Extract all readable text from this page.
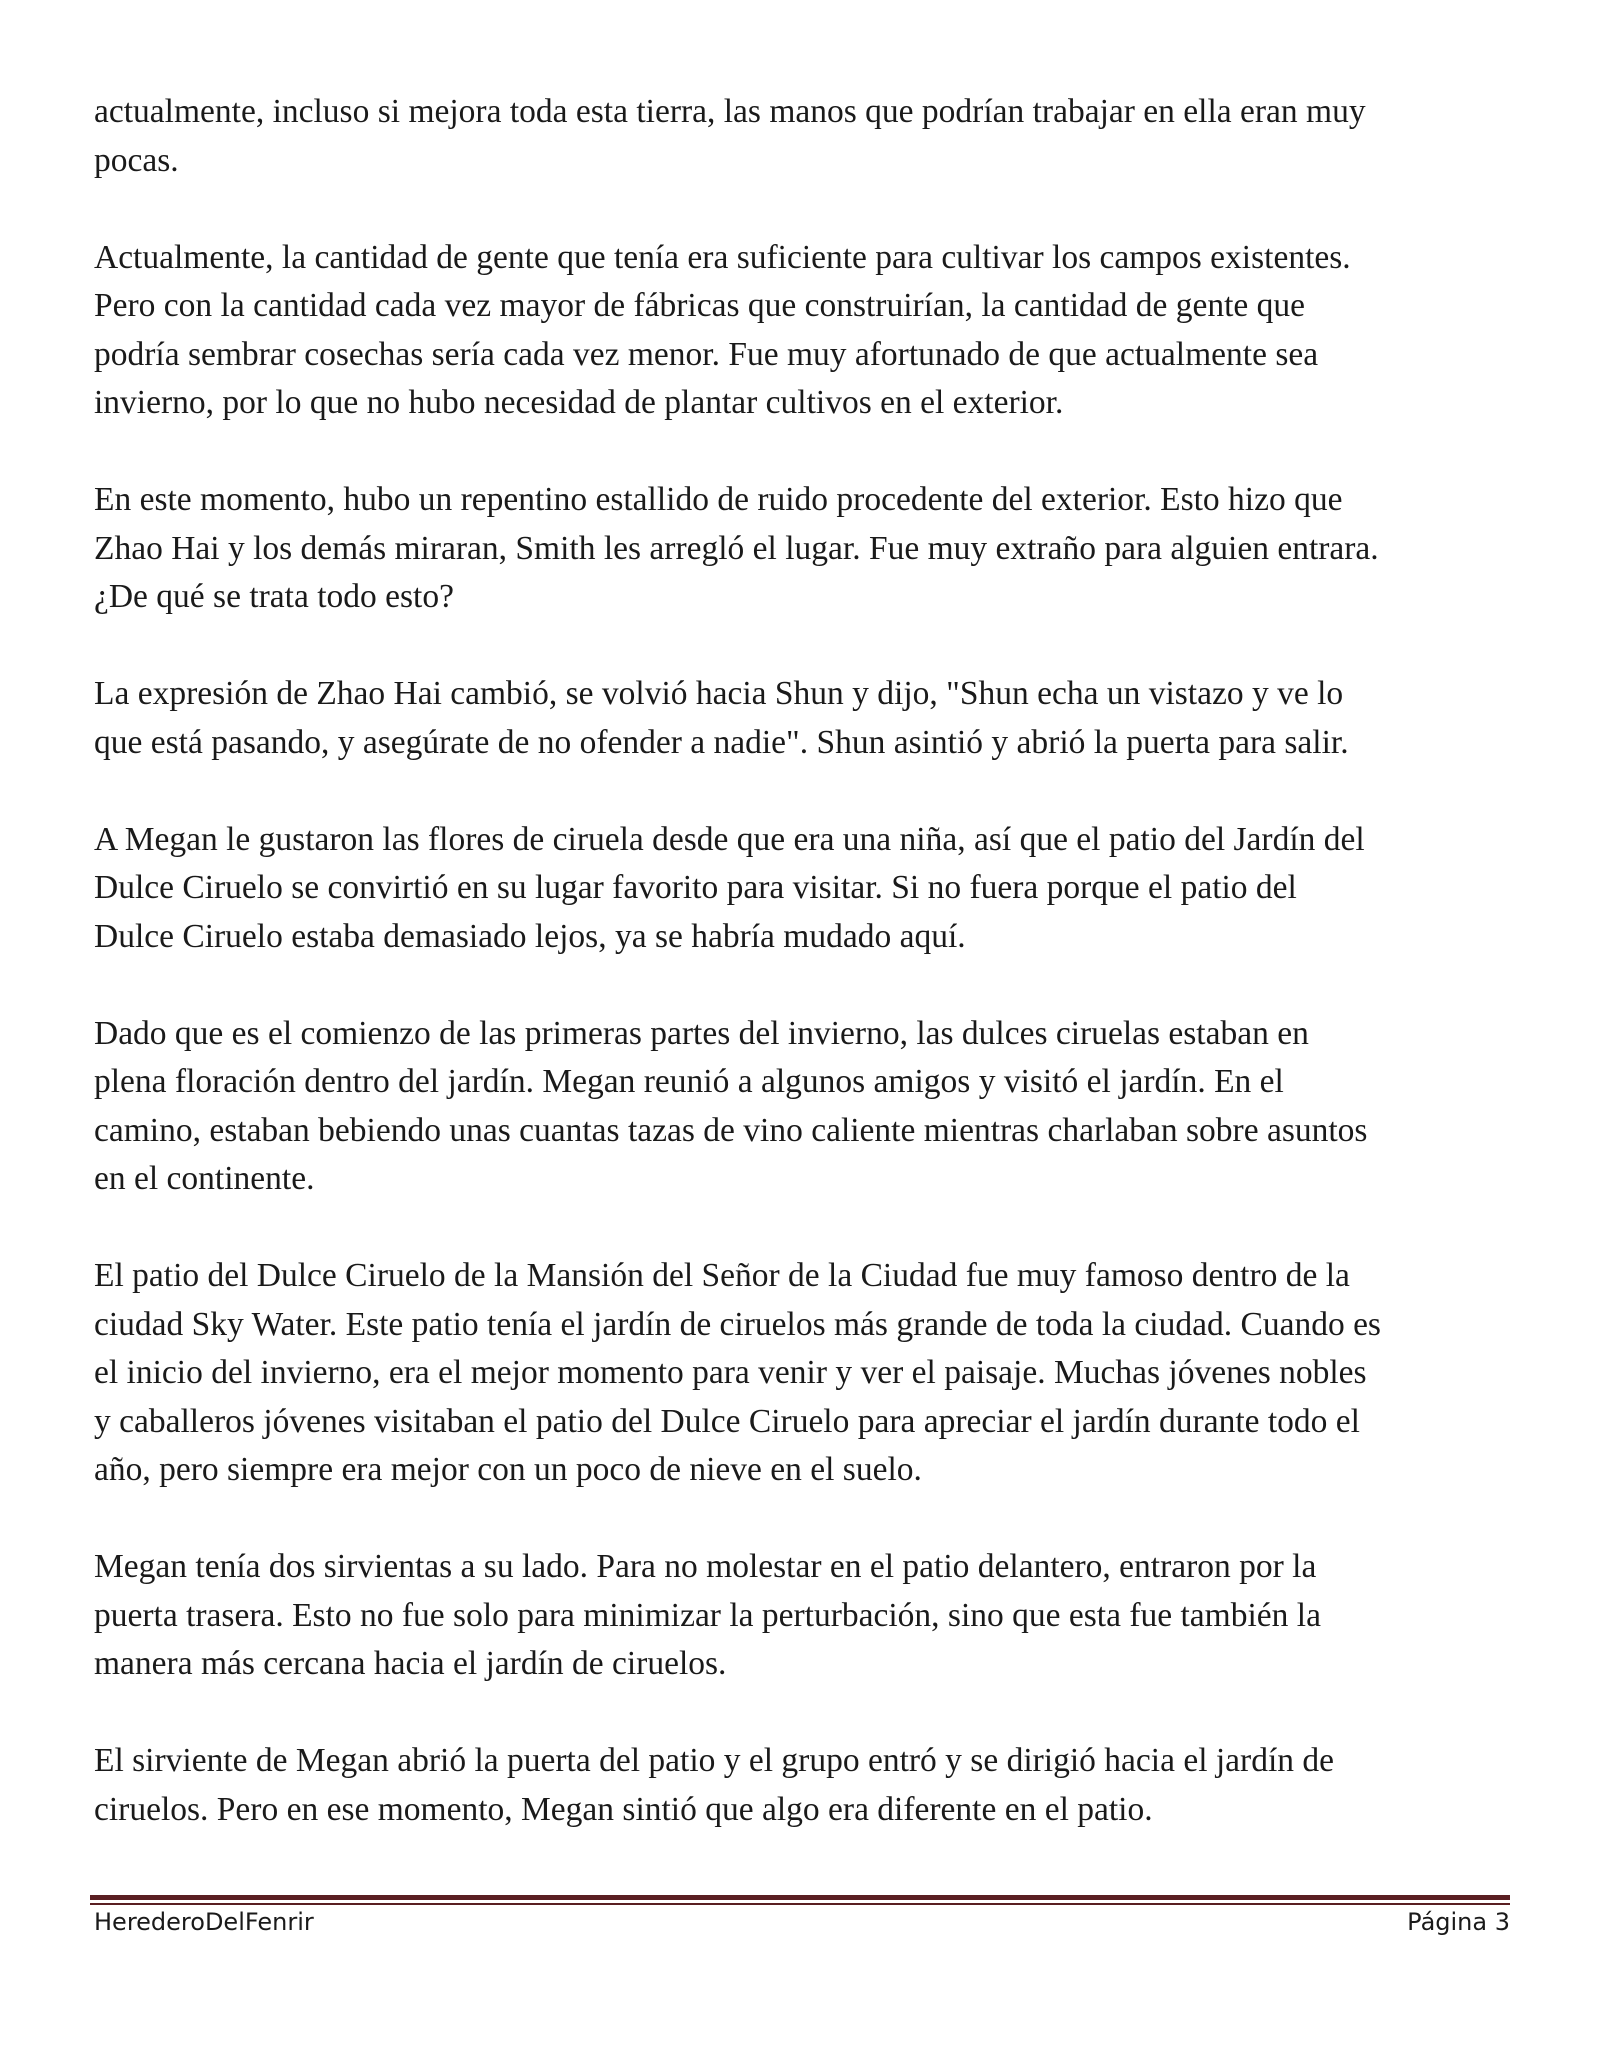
actualmente, incluso si mejora toda esta tierra, las manos que podrían trabajar en ella eran muy
pocas.

Actualmente, la cantidad de gente que tenía era suficiente para cultivar los campos existentes.
Pero con la cantidad cada vez mayor de fábricas que construirían, la cantidad de gente que
podría sembrar cosechas sería cada vez menor. Fue muy afortunado de que actualmente sea
invierno, por lo que no hubo necesidad de plantar cultivos en el exterior.

En este momento, hubo un repentino estallido de ruido procedente del exterior. Esto hizo que
Zhao Hai y los demás miraran, Smith les arregló el lugar. Fue muy extraño para alguien entrara.
¿De qué se trata todo esto?

La expresión de Zhao Hai cambió, se volvió hacia Shun y dijo, "Shun echa un vistazo y ve lo
que está pasando, y asegúrate de no ofender a nadie". Shun asintió y abrió la puerta para salir.

A Megan le gustaron las flores de ciruela desde que era una niña, así que el patio del Jardín del
Dulce Ciruelo se convirtió en su lugar favorito para visitar. Si no fuera porque el patio del
Dulce Ciruelo estaba demasiado lejos, ya se habría mudado aquí.

Dado que es el comienzo de las primeras partes del invierno, las dulces ciruelas estaban en
plena floración dentro del jardín. Megan reunió a algunos amigos y visitó el jardín. En el
camino, estaban bebiendo unas cuantas tazas de vino caliente mientras charlaban sobre asuntos
en el continente.

El patio del Dulce Ciruelo de la Mansión del Señor de la Ciudad fue muy famoso dentro de la
ciudad Sky Water. Este patio tenía el jardín de ciruelos más grande de toda la ciudad. Cuando es
el inicio del invierno, era el mejor momento para venir y ver el paisaje. Muchas jóvenes nobles
y caballeros jóvenes visitaban el patio del Dulce Ciruelo para apreciar el jardín durante todo el
año, pero siempre era mejor con un poco de nieve en el suelo.

Megan tenía dos sirvientas a su lado. Para no molestar en el patio delantero, entraron por la
puerta trasera. Esto no fue solo para minimizar la perturbación, sino que esta fue también la
manera más cercana hacia el jardín de ciruelos.

El sirviente de Megan abrió la puerta del patio y el grupo entró y se dirigió hacia el jardín de
ciruelos. Pero en ese momento, Megan sintió que algo era diferente en el patio.

HerederoDelFenrir	Página 3
